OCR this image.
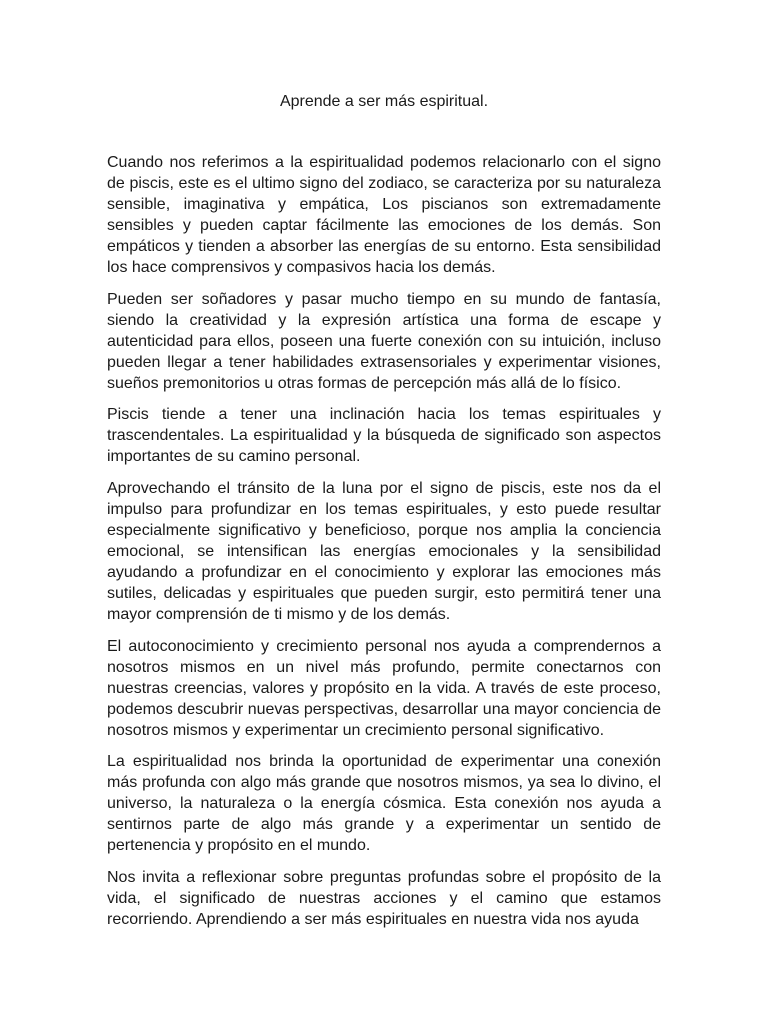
Aprende a ser más espiritual.

Cuando nos referimos a la espiritualidad podemos relacionarlo con el signo de piscis, este es el ultimo signo del zodiaco, se caracteriza por su naturaleza sensible, imaginativa y empática, Los piscianos son extremadamente sensibles y pueden captar fácilmente las emociones de los demás. Son empáticos y tienden a absorber las energías de su entorno. Esta sensibilidad los hace comprensivos y compasivos hacia los demás.

Pueden ser soñadores y pasar mucho tiempo en su mundo de fantasía, siendo la creatividad y la expresión artística una forma de escape y autenticidad para ellos, poseen una fuerte conexión con su intuición, incluso pueden llegar a tener habilidades extrasensoriales y experimentar visiones, sueños premonitorios u otras formas de percepción más allá de lo físico.

Piscis tiende a tener una inclinación hacia los temas espirituales y trascendentales. La espiritualidad y la búsqueda de significado son aspectos importantes de su camino personal.

Aprovechando el tránsito de la luna por el signo de piscis, este nos da el impulso para profundizar en los temas espirituales, y esto puede resultar especialmente significativo y beneficioso, porque nos amplia la conciencia emocional, se intensifican las energías emocionales y la sensibilidad ayudando a profundizar en el conocimiento y explorar las emociones más sutiles, delicadas y espirituales que pueden surgir, esto permitirá tener una mayor comprensión de ti mismo y de los demás.

El autoconocimiento y crecimiento personal nos ayuda a comprendernos a nosotros mismos en un nivel más profundo, permite conectarnos con nuestras creencias, valores y propósito en la vida. A través de este proceso, podemos descubrir nuevas perspectivas, desarrollar una mayor conciencia de nosotros mismos y experimentar un crecimiento personal significativo.

La espiritualidad nos brinda la oportunidad de experimentar una conexión más profunda con algo más grande que nosotros mismos, ya sea lo divino, el universo, la naturaleza o la energía cósmica. Esta conexión nos ayuda a sentirnos parte de algo más grande y a experimentar un sentido de pertenencia y propósito en el mundo.

Nos invita a reflexionar sobre preguntas profundas sobre el propósito de la vida, el significado de nuestras acciones y el camino que estamos recorriendo. Aprendiendo a ser más espirituales en nuestra vida nos ayuda
